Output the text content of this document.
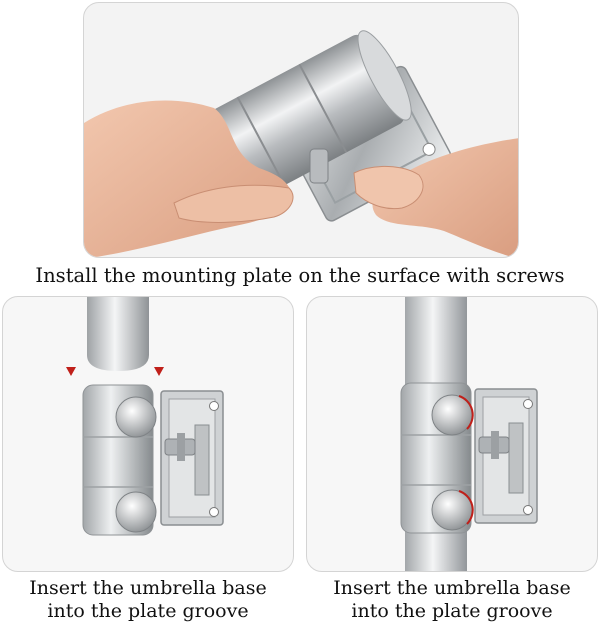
Install the mounting plate on the surface with screws

Insert the umbrella base
into the plate groove

Insert the umbrella base
into the plate groove
